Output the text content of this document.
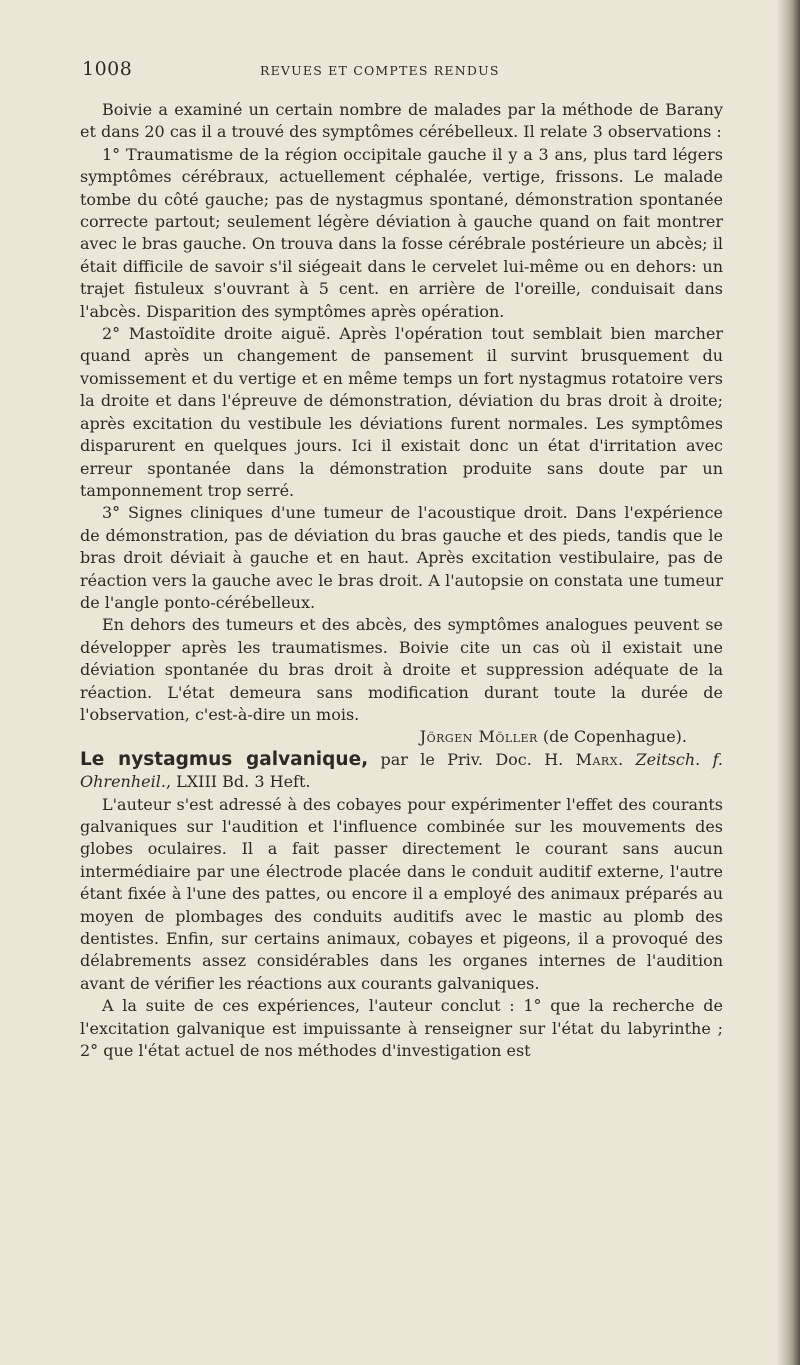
1008	REVUES ET COMPTES RENDUS

Boivie a examiné un certain nombre de malades par la méthode de Barany et dans 20 cas il a trouvé des symptômes cérébelleux. Il relate 3 observations :

1° Traumatisme de la région occipitale gauche il y a 3 ans, plus tard légers symptômes cérébraux, actuellement céphalée, vertige, frissons. Le malade tombe du côté gauche; pas de nystagmus spontané, démonstration spontanée correcte partout; seulement légère déviation à gauche quand on fait montrer avec le bras gauche. On trouva dans la fosse cérébrale postérieure un abcès; il était difficile de savoir s'il siégeait dans le cervelet lui-même ou en dehors: un trajet fistuleux s'ouvrant à 5 cent. en arrière de l'oreille, conduisait dans l'abcès. Disparition des symptômes après opération.

2° Mastoïdite droite aiguë. Après l'opération tout semblait bien marcher quand après un changement de pansement il survint brusquement du vomissement et du vertige et en même temps un fort nystagmus rotatoire vers la droite et dans l'épreuve de démonstration, déviation du bras droit à droite; après excitation du vestibule les déviations furent normales. Les symptômes disparurent en quelques jours. Ici il existait donc un état d'irritation avec erreur spontanée dans la démonstration produite sans doute par un tamponnement trop serré.

3° Signes cliniques d'une tumeur de l'acoustique droit. Dans l'expérience de démonstration, pas de déviation du bras gauche et des pieds, tandis que le bras droit déviait à gauche et en haut. Après excitation vestibulaire, pas de réaction vers la gauche avec le bras droit. A l'autopsie on constata une tumeur de l'angle ponto-cérébelleux.

En dehors des tumeurs et des abcès, des symptômes analogues peuvent se développer après les traumatismes. Boivie cite un cas où il existait une déviation spontanée du bras droit à droite et suppression adéquate de la réaction. L'état demeura sans modification durant toute la durée de l'observation, c'est-à-dire un mois.

Jörgen Möller (de Copenhague).

Le nystagmus galvanique, par le Priv. Doc. H. Marx. Zeitsch. f. Ohrenheil., LXIII Bd. 3 Heft.

L'auteur s'est adressé à des cobayes pour expérimenter l'effet des courants galvaniques sur l'audition et l'influence combinée sur les mouvements des globes oculaires. Il a fait passer directement le courant sans aucun intermédiaire par une électrode placée dans le conduit auditif externe, l'autre étant fixée à l'une des pattes, ou encore il a employé des animaux préparés au moyen de plombages des conduits auditifs avec le mastic au plomb des dentistes. Enfin, sur certains animaux, cobayes et pigeons, il a provoqué des délabrements assez considérables dans les organes internes de l'audition avant de vérifier les réactions aux courants galvaniques.

A la suite de ces expériences, l'auteur conclut : 1° que la recherche de l'excitation galvanique est impuissante à renseigner sur l'état du labyrinthe ; 2° que l'état actuel de nos méthodes d'investigation est
